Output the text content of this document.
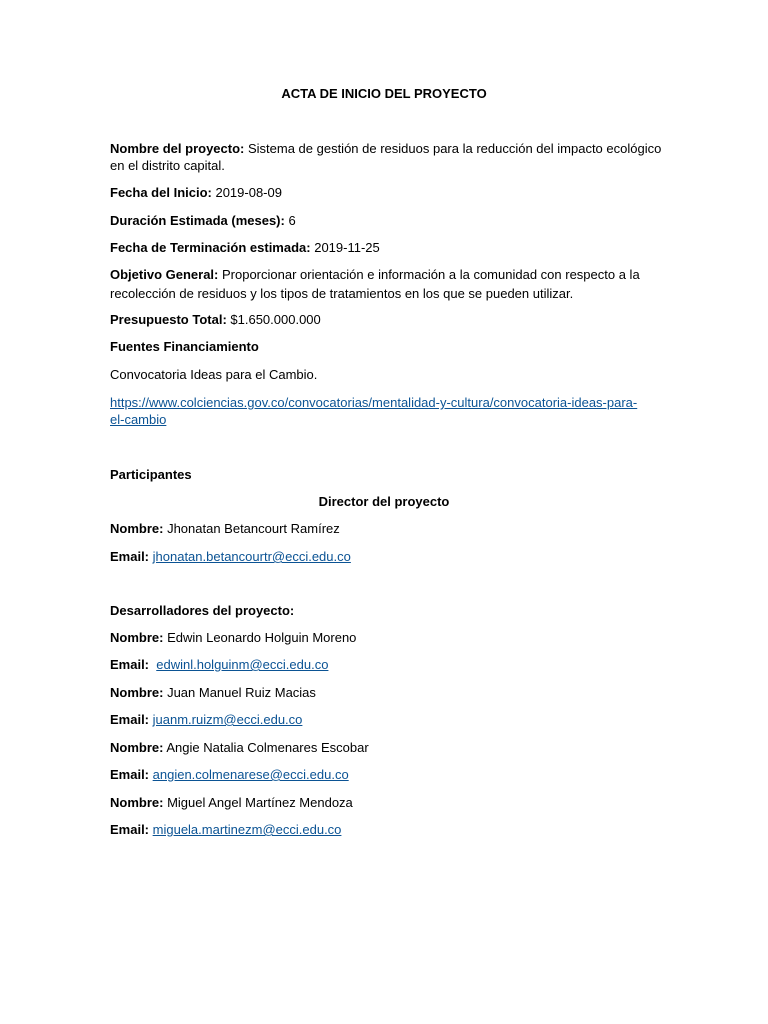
ACTA DE INICIO DEL PROYECTO
Nombre del proyecto: Sistema de gestión de residuos para la reducción del impacto ecológico
en el distrito capital.
Fecha del Inicio: 2019-08-09
Duración Estimada (meses): 6
Fecha de Terminación estimada: 2019-11-25
Objetivo General: Proporcionar orientación e información a la comunidad con respecto a la
recolección de residuos y los tipos de tratamientos en los que se pueden utilizar.
Presupuesto Total: $1.650.000.000
Fuentes Financiamiento
Convocatoria Ideas para el Cambio.
https://www.colciencias.gov.co/convocatorias/mentalidad-y-cultura/convocatoria-ideas-para-
el-cambio
Participantes
Director del proyecto
Nombre: Jhonatan Betancourt Ramírez
Email: jhonatan.betancourtr@ecci.edu.co
Desarrolladores del proyecto:
Nombre: Edwin Leonardo Holguin Moreno
Email: edwinl.holguinm@ecci.edu.co
Nombre: Juan Manuel Ruiz Macias
Email: juanm.ruizm@ecci.edu.co
Nombre: Angie Natalia Colmenares Escobar
Email: angien.colmenarese@ecci.edu.co
Nombre: Miguel Angel Martínez Mendoza
Email: miguela.martinezm@ecci.edu.co
